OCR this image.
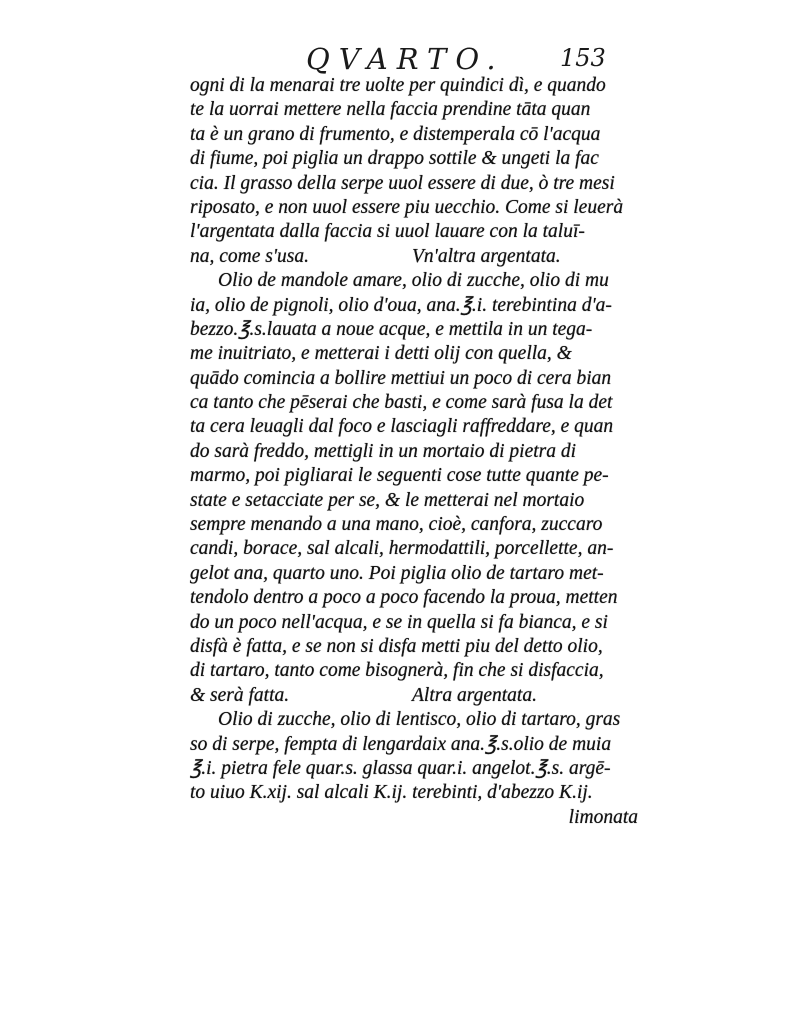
QVARTO. 153
ogni di la menarai tre uolte per quindici dì, e quando
te la uorrai mettere nella faccia prendine tāta quan
ta è un grano di frumento, e distemperala cō l'acqua
di fiume, poi piglia un drappo sottile & ungeti la fac
cia. Il grasso della serpe uuol essere di due, ò tre mesi
riposato, e non uuol essere piu uecchio. Come si leuerà
l'argentata dalla faccia si uuol lauare con la taluī-
na, come s'usa.	Vn'altra argentata.
Olio de mandole amare, olio di zucche, olio di mu
ia, olio de pignoli, olio d'oua, ana.℥.i. terebintina d'a-
bezzo.℥.s.lauata a noue acque, e mettila in un tega-
me inuitriato, e metterai i detti olij con quella, &
quādo comincia a bollire mettiui un poco di cera bian
ca tanto che pēserai che basti, e come sarà fusa la det
ta cera leuagli dal foco e lasciagli raffreddare, e quan
do sarà freddo, mettigli in un mortaio di pietra di
marmo, poi pigliarai le seguenti cose tutte quante pe-
state e setacciate per se, & le metterai nel mortaio
sempre menando a una mano, cioè, canfora, zuccaro
candi, borace, sal alcali, hermodattili, porcellette, an-
gelot ana, quarto uno. Poi piglia olio de tartaro met-
tendolo dentro a poco a poco facendo la proua, metten
do un poco nell'acqua, e se in quella si fa bianca, e si
disfà è fatta, e se non si disfa metti piu del detto olio,
di tartaro, tanto come bisognerà, fin che si disfaccia,
& serà fatta.	Altra argentata.
Olio di zucche, olio di lentisco, olio di tartaro, gras
so di serpe, fempta di lengardaix ana.℥.s.olio de muia
℥.i. pietra fele quar.s. glassa quar.i. angelot.℥.s. argē-
to uiuo K.xij. sal alcali K.ij. terebinti, d'abezzo K.ij.
limonata
